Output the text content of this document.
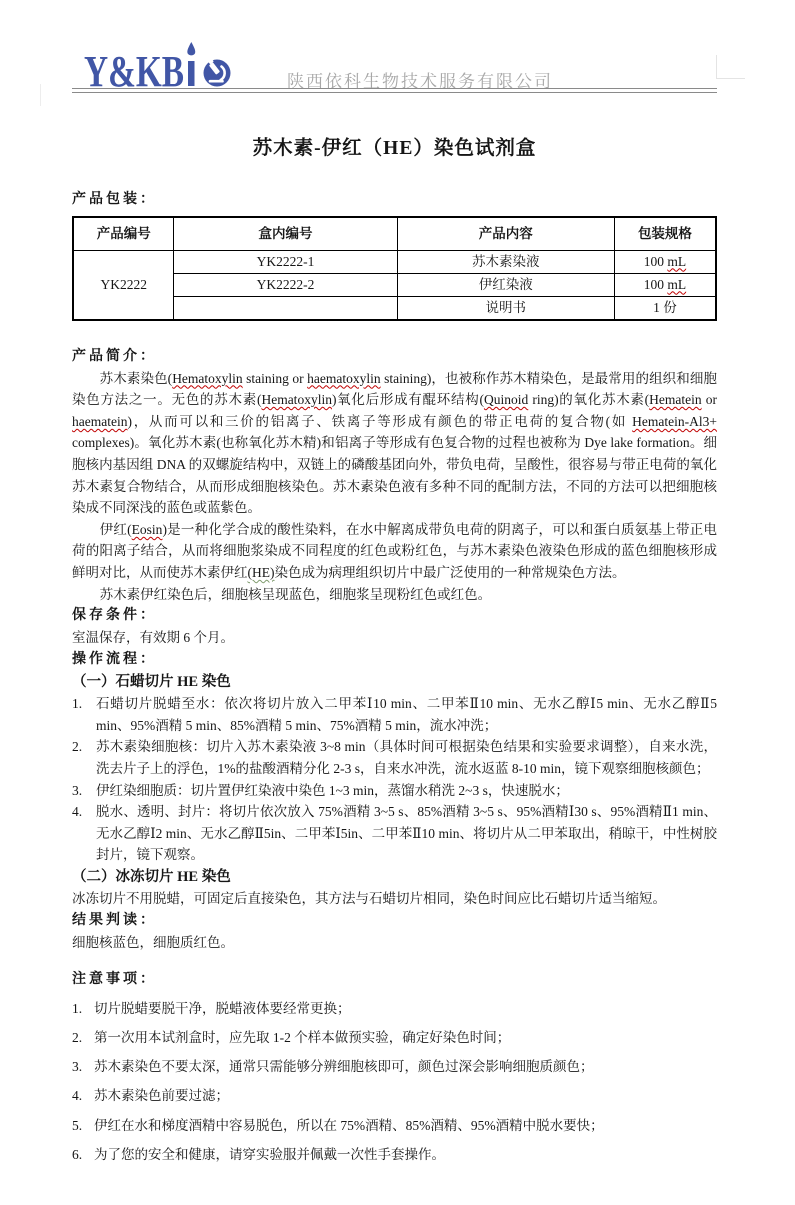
Y&KB	陕西依科生物技术服务有限公司
苏木素-伊红（HE）染色试剂盒
产品包装：
产品编号	盒内编号	产品内容	包装规格
YK2222	YK2222-1	苏木素染液	100 mL
	YK2222-2	伊红染液	100 mL
		说明书	1 份
产品简介：

苏木素染色(Hematoxylin staining or haematoxylin staining)，也被称作苏木精染色，是最常用的组织和细胞染色方法之一。无色的苏木素(Hematoxylin)氧化后形成有醌环结构(Quinoid ring)的氧化苏木素(Hematein or haematein)，从而可以和三价的铝离子、铁离子等形成有颜色的带正电荷的复合物(如 Hematein-Al3+ complexes)。氧化苏木素(也称氧化苏木精)和铝离子等形成有色复合物的过程也被称为 Dye lake formation。细胞核内基因组 DNA 的双螺旋结构中，双链上的磷酸基团向外，带负电荷，呈酸性，很容易与带正电荷的氧化苏木素复合物结合，从而形成细胞核染色。苏木素染色液有多种不同的配制方法，不同的方法可以把细胞核染成不同深浅的蓝色或蓝紫色。

伊红(Eosin)是一种化学合成的酸性染料，在水中解离成带负电荷的阴离子，可以和蛋白质氨基上带正电荷的阳离子结合，从而将细胞浆染成不同程度的红色或粉红色，与苏木素染色液染色形成的蓝色细胞核形成鲜明对比，从而使苏木素伊红(HE)染色成为病理组织切片中最广泛使用的一种常规染色方法。

苏木素伊红染色后，细胞核呈现蓝色，细胞浆呈现粉红色或红色。

保存条件：

室温保存，有效期 6 个月。

操作流程：
（一）石蜡切片 HE 染色
1. 石蜡切片脱蜡至水：依次将切片放入二甲苯Ⅰ10 min、二甲苯Ⅱ10 min、无水乙醇Ⅰ5 min、无水乙醇Ⅱ5 min、95%酒精 5 min、85%酒精 5 min、75%酒精 5 min，流水冲洗；
2. 苏木素染细胞核：切片入苏木素染液 3~8 min（具体时间可根据染色结果和实验要求调整），自来水洗，洗去片子上的浮色，1%的盐酸酒精分化 2-3 s，自来水冲洗，流水返蓝 8-10 min，镜下观察细胞核颜色；
3. 伊红染细胞质：切片置伊红染液中染色 1~3 min，蒸馏水稍洗 2~3 s，快速脱水；
4. 脱水、透明、封片：将切片依次放入 75%酒精 3~5 s、85%酒精 3~5 s、95%酒精Ⅰ30 s、95%酒精Ⅱ1 min、无水乙醇Ⅰ2 min、无水乙醇Ⅱ5in、二甲苯Ⅰ5in、二甲苯Ⅱ10 min、将切片从二甲苯取出，稍晾干，中性树胶封片，镜下观察。
（二）冰冻切片 HE 染色

冰冻切片不用脱蜡，可固定后直接染色，其方法与石蜡切片相同，染色时间应比石蜡切片适当缩短。

结果判读：

细胞核蓝色，细胞质红色。

注意事项：
1. 切片脱蜡要脱干净，脱蜡液体要经常更换；
2. 第一次用本试剂盒时，应先取 1-2 个样本做预实验，确定好染色时间；
3. 苏木素染色不要太深，通常只需能够分辨细胞核即可，颜色过深会影响细胞质颜色；
4. 苏木素染色前要过滤；
5. 伊红在水和梯度酒精中容易脱色，所以在 75%酒精、85%酒精、95%酒精中脱水要快；
6. 为了您的安全和健康，请穿实验服并佩戴一次性手套操作。
